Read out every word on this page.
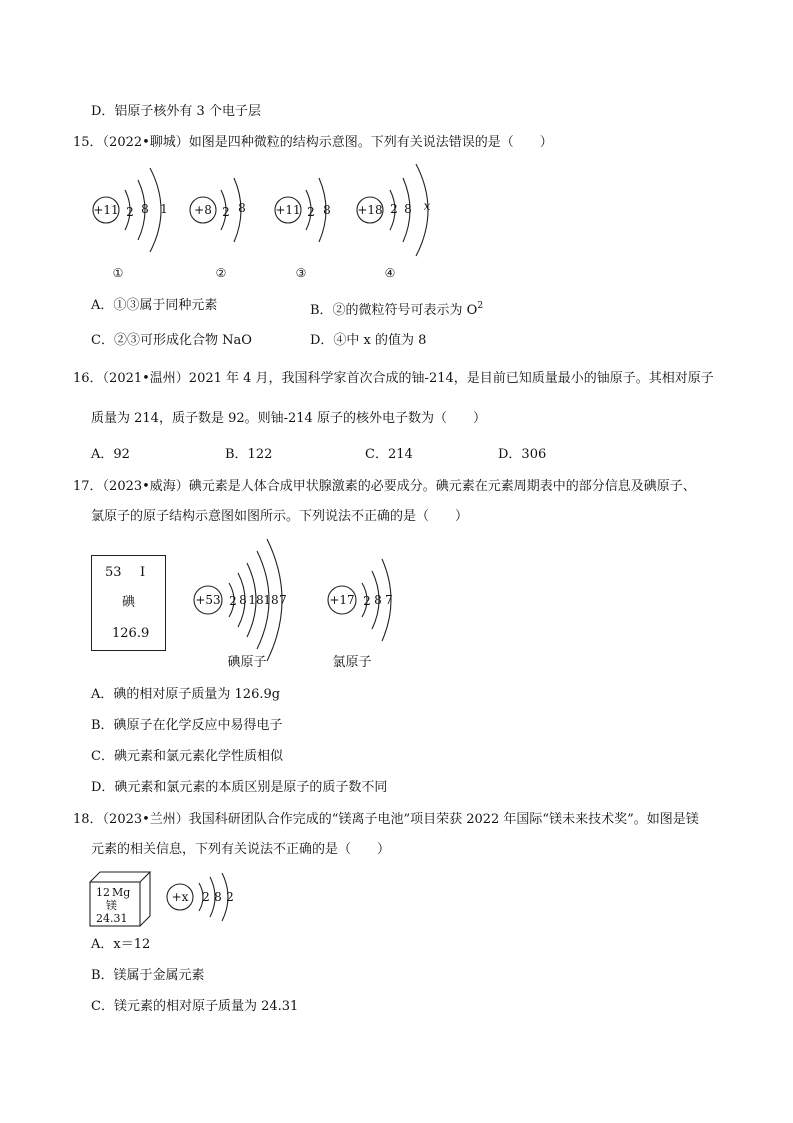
D．铝原子核外有 3 个电子层
15．（2022•聊城）如图是四种微粒的结构示意图。下列有关说法错误的是（　　）
+11 2 8 1 +8 2 8 +11 2 8 +18 2 8 x
①	②	③	④
A．①③属于同种元素	B．②的微粒符号可表示为 $O^2$
C．②③可形成化合物 NaO	D．④中 x 的值为 8
16．（2021•温州）2021 年 4 月，我国科学家首次合成的铀-214，是目前已知质量最小的铀原子。其相对原子
质量为 214，质子数是 92。则铀-214 原子的核外电子数为（　　）
A．92	B．122	C．214	D．306
17．（2023•威海）碘元素是人体合成甲状腺激素的必要成分。碘元素在元素周期表中的部分信息及碘原子、
氯原子的原子结构示意图如图所示。下列说法不正确的是（　　）
53 I
碘
126.9
+53 2 8 18 18 7	+17 2 8 7
碘原子	氯原子
A．碘的相对原子质量为 126.9g
B．碘原子在化学反应中易得电子
C．碘元素和氯元素化学性质相似
D．碘元素和氯元素的本质区别是原子的质子数不同
18．（2023•兰州）我国科研团队合作完成的“镁离子电池”项目荣获 2022 年国际“镁未来技术奖”。如图是镁
元素的相关信息，下列有关说法不正确的是（　　）
12 Mg
镁
24.31
+x 2 8 2
A．x＝12
B．镁属于金属元素
C．镁元素的相对原子质量为 24.31
